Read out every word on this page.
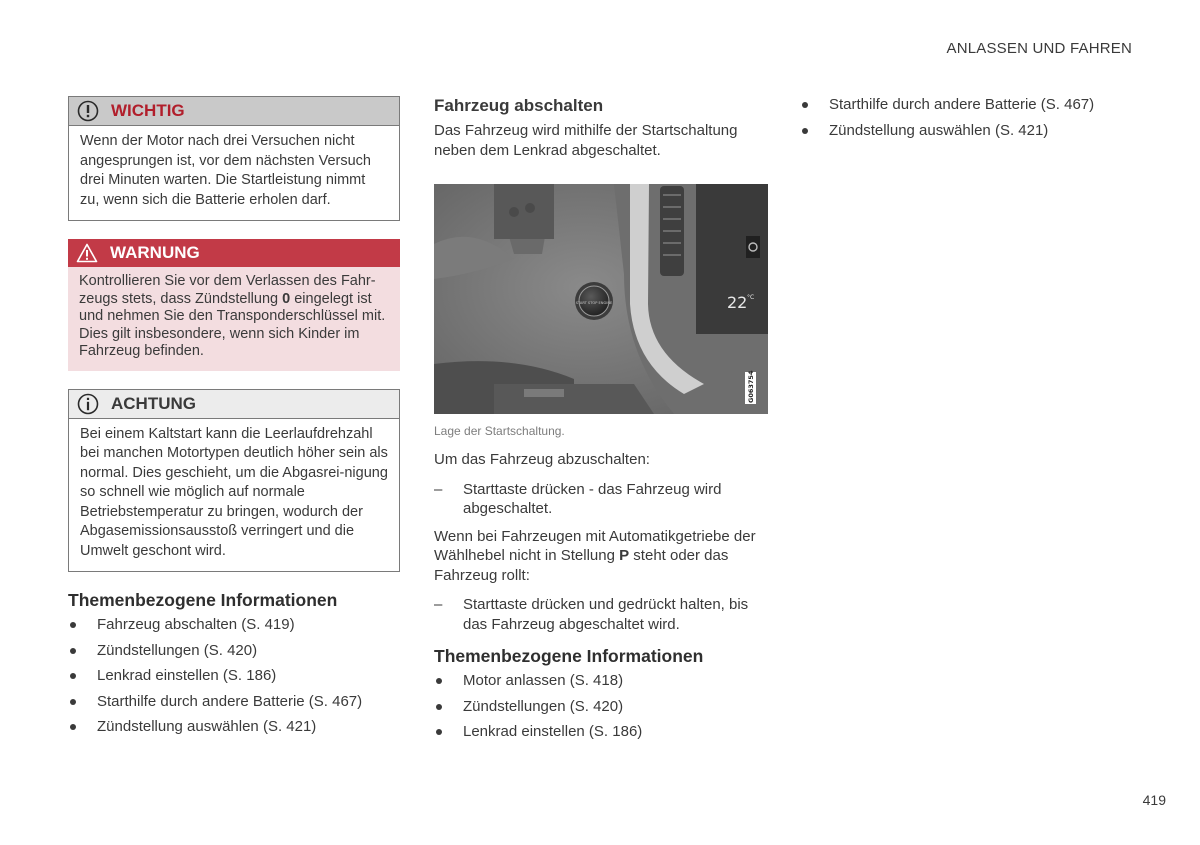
ANLASSEN UND FAHREN
WICHTIG
Wenn der Motor nach drei Versuchen nicht angesprungen ist, vor dem nächsten Versuch drei Minuten warten. Die Startleistung nimmt zu, wenn sich die Batterie erholen darf.
WARNUNG
Kontrollieren Sie vor dem Verlassen des Fahr-zeugs stets, dass Zündstellung 0 eingelegt ist und nehmen Sie den Transponderschlüssel mit. Dies gilt insbesondere, wenn sich Kinder im Fahrzeug befinden.
ACHTUNG
Bei einem Kaltstart kann die Leerlaufdrehzahl bei manchen Motortypen deutlich höher sein als normal. Dies geschieht, um die Abgasrei-nigung so schnell wie möglich auf normale Betriebstemperatur zu bringen, wodurch der Abgasemissionsausstoß verringert und die Umwelt geschont wird.
Themenbezogene Informationen
Fahrzeug abschalten (S. 419)
Zündstellungen (S. 420)
Lenkrad einstellen (S. 186)
Starthilfe durch andere Batterie (S. 467)
Zündstellung auswählen (S. 421)
Fahrzeug abschalten

Das Fahrzeug wird mithilfe der Startschaltung neben dem Lenkrad abgeschaltet.

22 °C
START STOP ENGINE
G063754
Lage der Startschaltung.

Um das Fahrzeug abzuschalten:

– Starttaste drücken - das Fahrzeug wird abgeschaltet.

Wenn bei Fahrzeugen mit Automatikgetriebe der Wählhebel nicht in Stellung P steht oder das Fahrzeug rollt:

– Starttaste drücken und gedrückt halten, bis das Fahrzeug abgeschaltet wird.
Themenbezogene Informationen
Motor anlassen (S. 418)
Zündstellungen (S. 420)
Lenkrad einstellen (S. 186)
Starthilfe durch andere Batterie (S. 467)
Zündstellung auswählen (S. 421)
419
